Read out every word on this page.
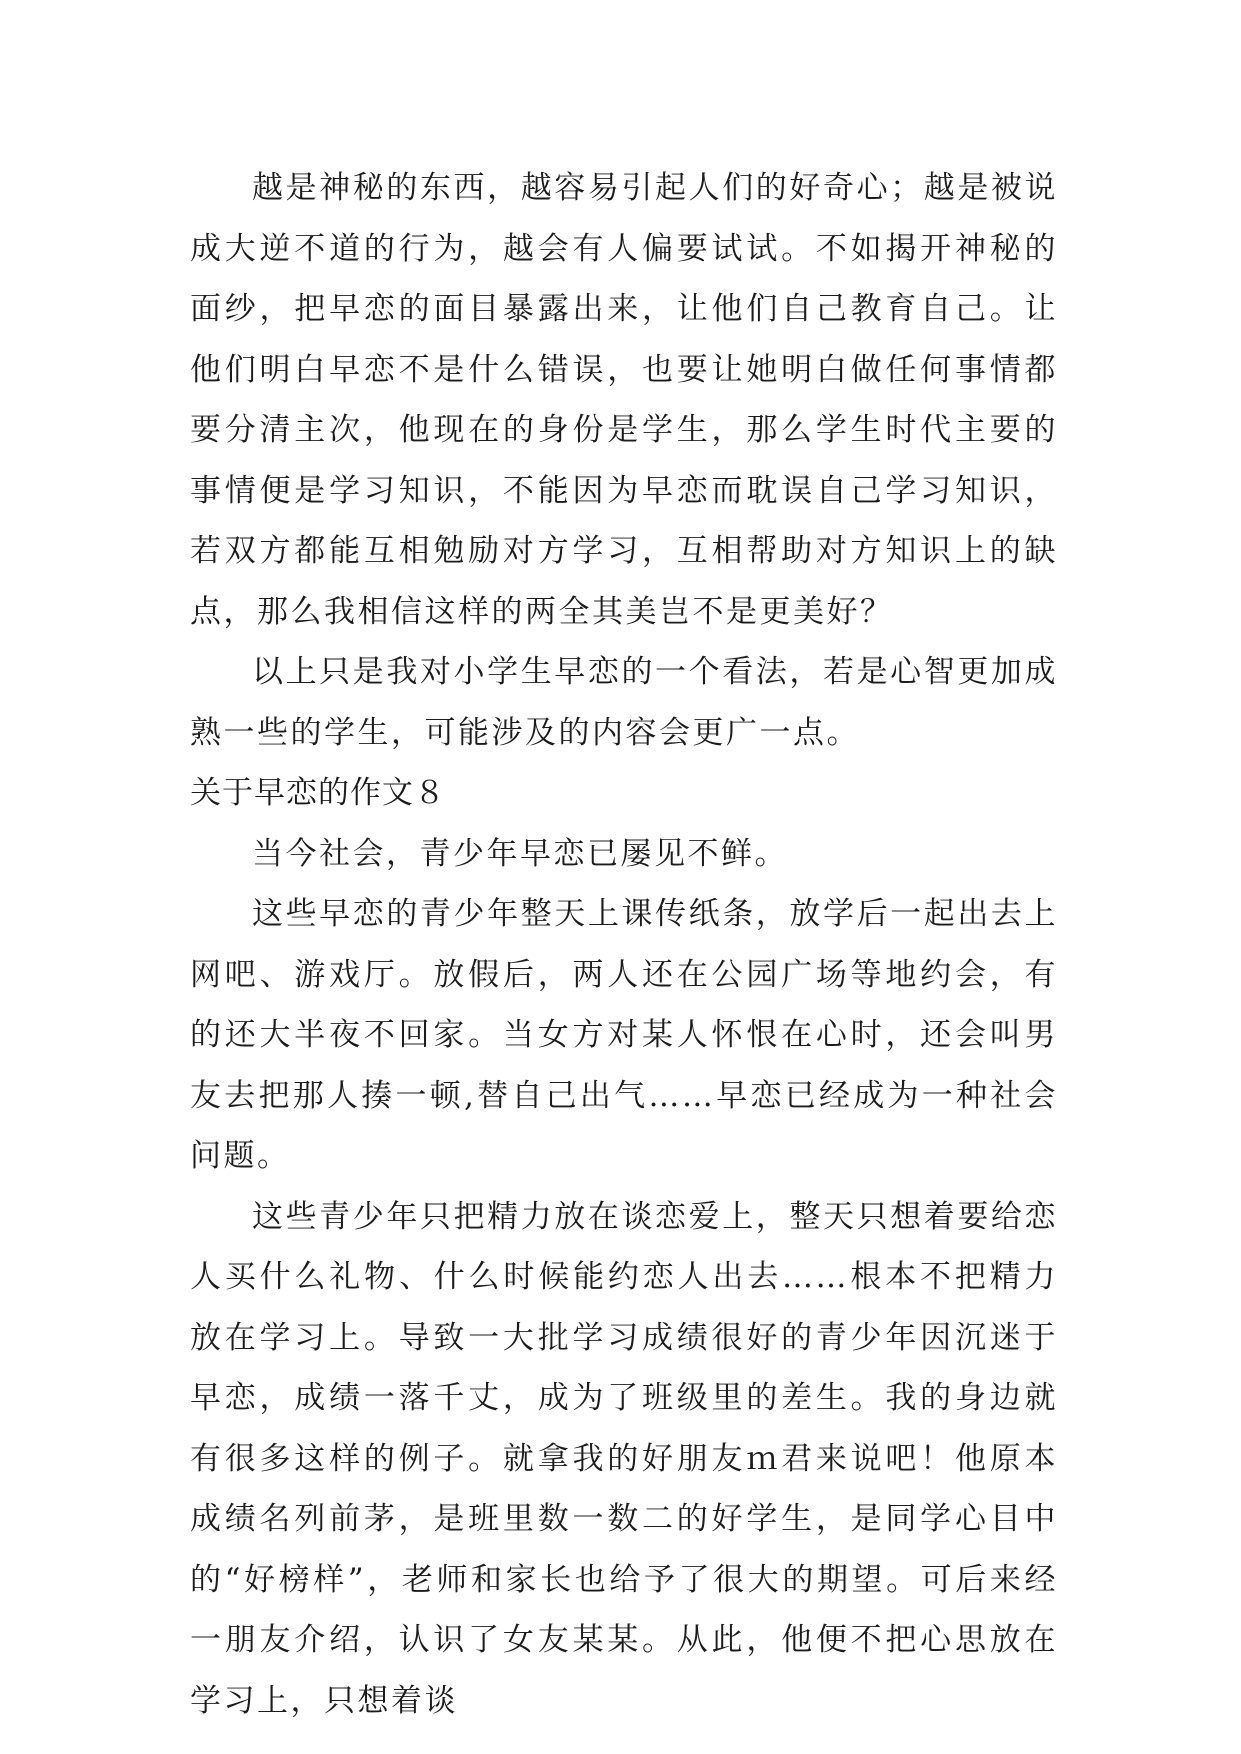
越是神秘的东西，越容易引起人们的好奇心；越是被说成大逆不道的行为，越会有人偏要试试。不如揭开神秘的面纱，把早恋的面目暴露出来，让他们自己教育自己。让他们明白早恋不是什么错误，也要让她明白做任何事情都要分清主次，他现在的身份是学生，那么学生时代主要的事情便是学习知识，不能因为早恋而耽误自己学习知识，若双方都能互相勉励对方学习，互相帮助对方知识上的缺点，那么我相信这样的两全其美岂不是更美好？

以上只是我对小学生早恋的一个看法，若是心智更加成熟一些的学生，可能涉及的内容会更广一点。

关于早恋的作文８

当今社会，青少年早恋已屡见不鲜。

这些早恋的青少年整天上课传纸条，放学后一起出去上网吧、游戏厅。放假后，两人还在公园广场等地约会，有的还大半夜不回家。当女方对某人怀恨在心时，还会叫男友去把那人揍一顿,替自己出气……早恋已经成为一种社会问题。

这些青少年只把精力放在谈恋爱上，整天只想着要给恋人买什么礼物、什么时候能约恋人出去……根本不把精力放在学习上。导致一大批学习成绩很好的青少年因沉迷于早恋，成绩一落千丈，成为了班级里的差生。我的身边就有很多这样的例子。就拿我的好朋友ｍ君来说吧！他原本成绩名列前茅，是班里数一数二的好学生，是同学心目中的“好榜样”，老师和家长也给予了很大的期望。可后来经一朋友介绍，认识了女友某某。从此，他便不把心思放在学习上，只想着谈
